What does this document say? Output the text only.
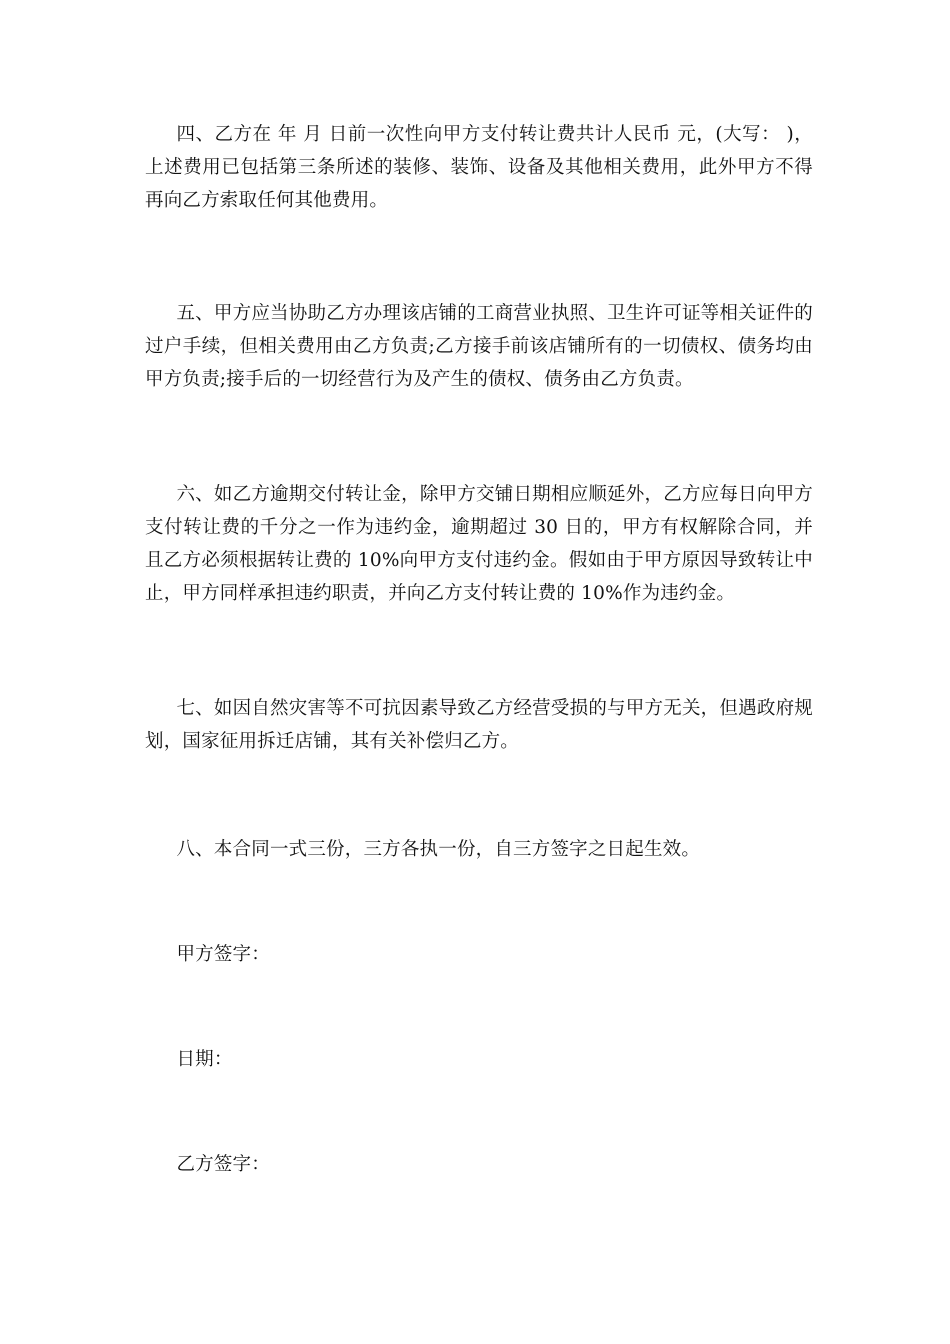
四、乙方在 年 月 日前一次性向甲方支付转让费共计人民币 元，(大写： )，上述费用已包括第三条所述的装修、装饰、设备及其他相关费用，此外甲方不得再向乙方索取任何其他费用。

五、甲方应当协助乙方办理该店铺的工商营业执照、卫生许可证等相关证件的过户手续，但相关费用由乙方负责;乙方接手前该店铺所有的一切债权、债务均由甲方负责;接手后的一切经营行为及产生的债权、债务由乙方负责。

六、如乙方逾期交付转让金，除甲方交铺日期相应顺延外，乙方应每日向甲方支付转让费的千分之一作为违约金，逾期超过 30 日的，甲方有权解除合同，并且乙方必须根据转让费的 10%向甲方支付违约金。假如由于甲方原因导致转让中止，甲方同样承担违约职责，并向乙方支付转让费的 10%作为违约金。

七、如因自然灾害等不可抗因素导致乙方经营受损的与甲方无关，但遇政府规划，国家征用拆迁店铺，其有关补偿归乙方。

八、本合同一式三份，三方各执一份，自三方签字之日起生效。

甲方签字：

日期：

乙方签字：
